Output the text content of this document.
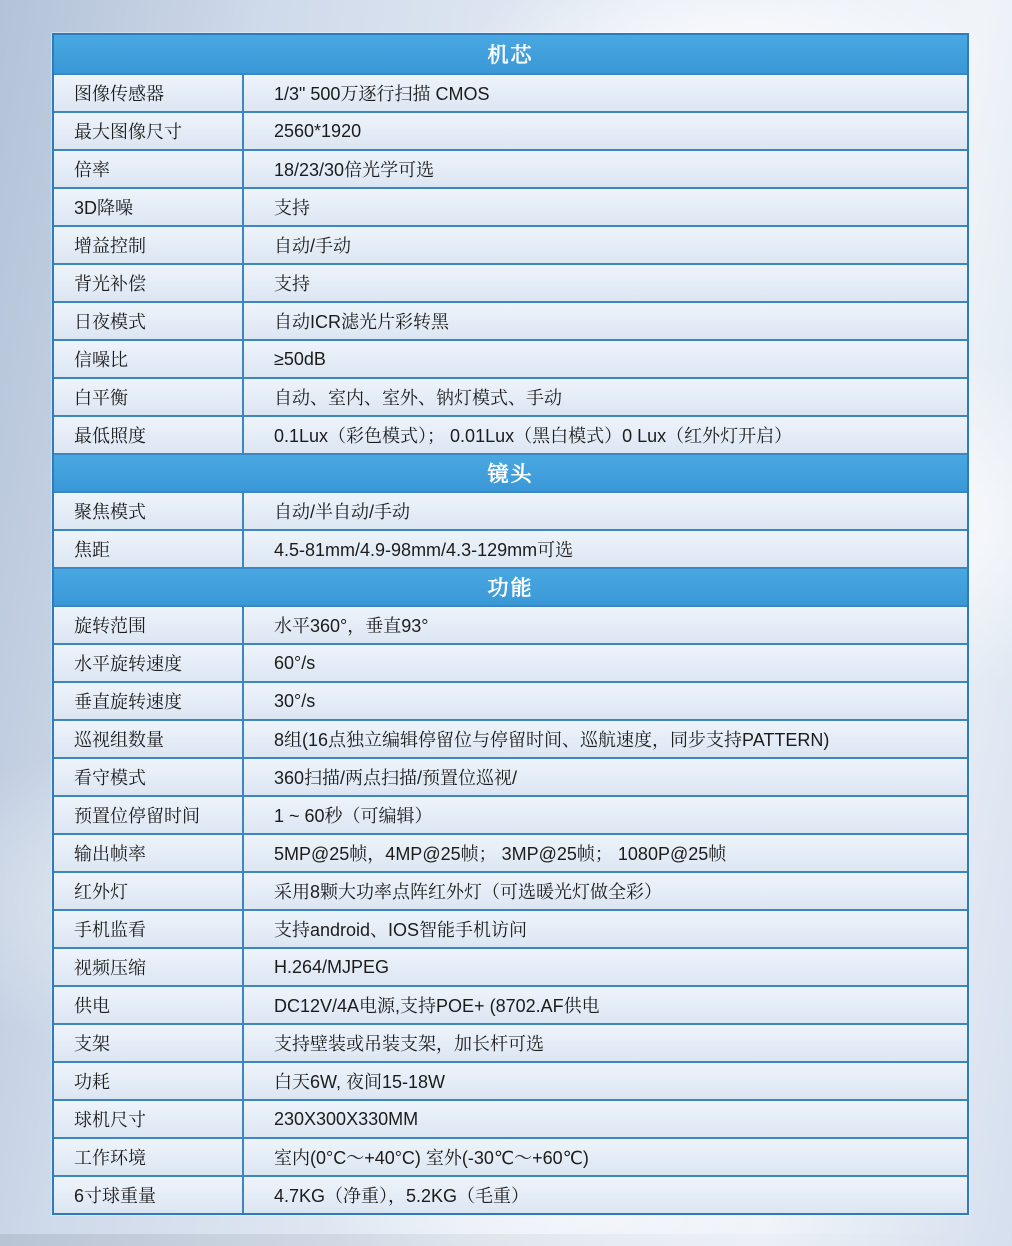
机芯
图像传感器	1/3" 500万逐行扫描 CMOS
最大图像尺寸	2560*1920
倍率	18/23/30倍光学可选
3D降噪	支持
增益控制	自动/手动
背光补偿	支持
日夜模式	自动ICR滤光片彩转黑
信噪比	≥50dB
白平衡	自动、室内、室外、钠灯模式、手动
最低照度	0.1Lux（彩色模式）； 0.01Lux（黑白模式）0 Lux（红外灯开启）
镜头
聚焦模式	自动/半自动/手动
焦距	4.5-81mm/4.9-98mm/4.3-129mm可选
功能
旋转范围	水平360°，垂直93°
水平旋转速度	60°/s
垂直旋转速度	30°/s
巡视组数量	8组(16点独立编辑停留位与停留时间、巡航速度，同步支持PATTERN)
看守模式	360扫描/两点扫描/预置位巡视/
预置位停留时间	1 ~ 60秒（可编辑）
输出帧率	5MP@25帧，4MP@25帧； 3MP@25帧； 1080P@25帧
红外灯	采用8颗大功率点阵红外灯（可选暖光灯做全彩）
手机监看	支持android、IOS智能手机访问
视频压缩	H.264/MJPEG
供电	DC12V/4A电源,支持POE+ (8702.AF供电
支架	支持壁装或吊装支架，加长杆可选
功耗	白天6W, 夜间15-18W
球机尺寸	230X300X330MM
工作环境	室内(0°C～+40°C) 室外(-30℃～+60℃)
6寸球重量	4.7KG（净重），5.2KG（毛重）
